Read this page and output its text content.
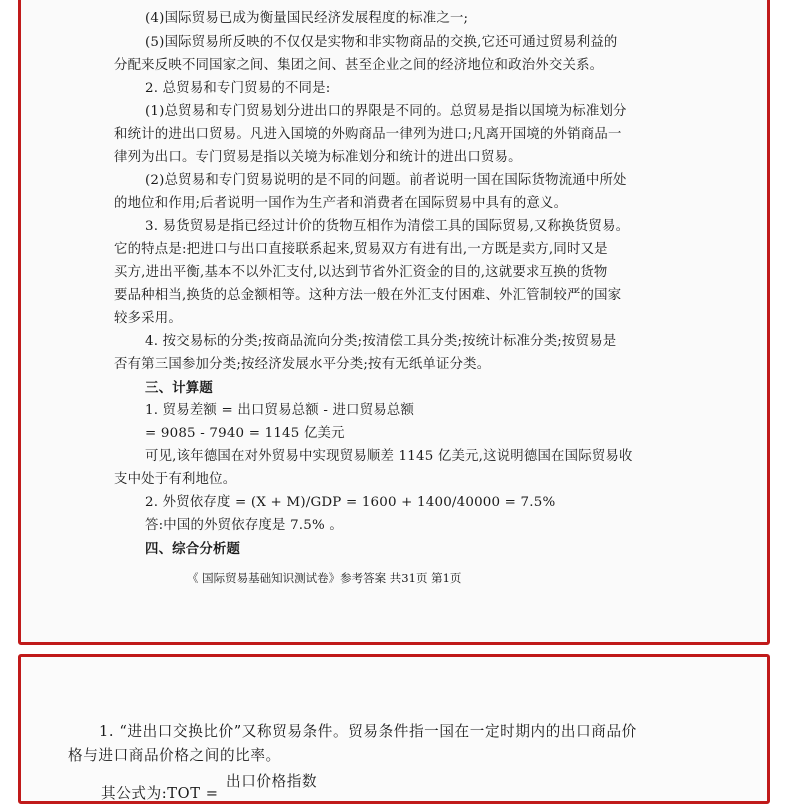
(4)国际贸易已成为衡量国民经济发展程度的标准之一;
(5)国际贸易所反映的不仅仅是实物和非实物商品的交换,它还可通过贸易利益的
分配来反映不同国家之间、集团之间、甚至企业之间的经济地位和政治外交关系。
2. 总贸易和专门贸易的不同是:
(1)总贸易和专门贸易划分进出口的界限是不同的。总贸易是指以国境为标准划分
和统计的进出口贸易。凡进入国境的外购商品一律列为进口;凡离开国境的外销商品一
律列为出口。专门贸易是指以关境为标准划分和统计的进出口贸易。
(2)总贸易和专门贸易说明的是不同的问题。前者说明一国在国际货物流通中所处
的地位和作用;后者说明一国作为生产者和消费者在国际贸易中具有的意义。
3. 易货贸易是指已经过计价的货物互相作为清偿工具的国际贸易,又称换货贸易。
它的特点是:把进口与出口直接联系起来,贸易双方有进有出,一方既是卖方,同时又是
买方,进出平衡,基本不以外汇支付,以达到节省外汇资金的目的,这就要求互换的货物
要品种相当,换货的总金额相等。这种方法一般在外汇支付困难、外汇管制较严的国家
较多采用。
4. 按交易标的分类;按商品流向分类;按清偿工具分类;按统计标准分类;按贸易是
否有第三国参加分类;按经济发展水平分类;按有无纸单证分类。
三、计算题
1. 贸易差额 = 出口贸易总额 - 进口贸易总额
= 9085 - 7940 = 1145 亿美元
可见,该年德国在对外贸易中实现贸易顺差 1145 亿美元,这说明德国在国际贸易收
支中处于有利地位。
2. 外贸依存度 = (X + M)/GDP = 1600 + 1400/40000 = 7.5%
答:中国的外贸依存度是 7.5% 。
四、综合分析题
《 国际贸易基础知识测试卷》参考答案 共31页 第1页
1. “进出口交换比价”又称贸易条件。贸易条件指一国在一定时期内的出口商品价
格与进口商品价格之间的比率。
其公式为:TOT =
出口价格指数
